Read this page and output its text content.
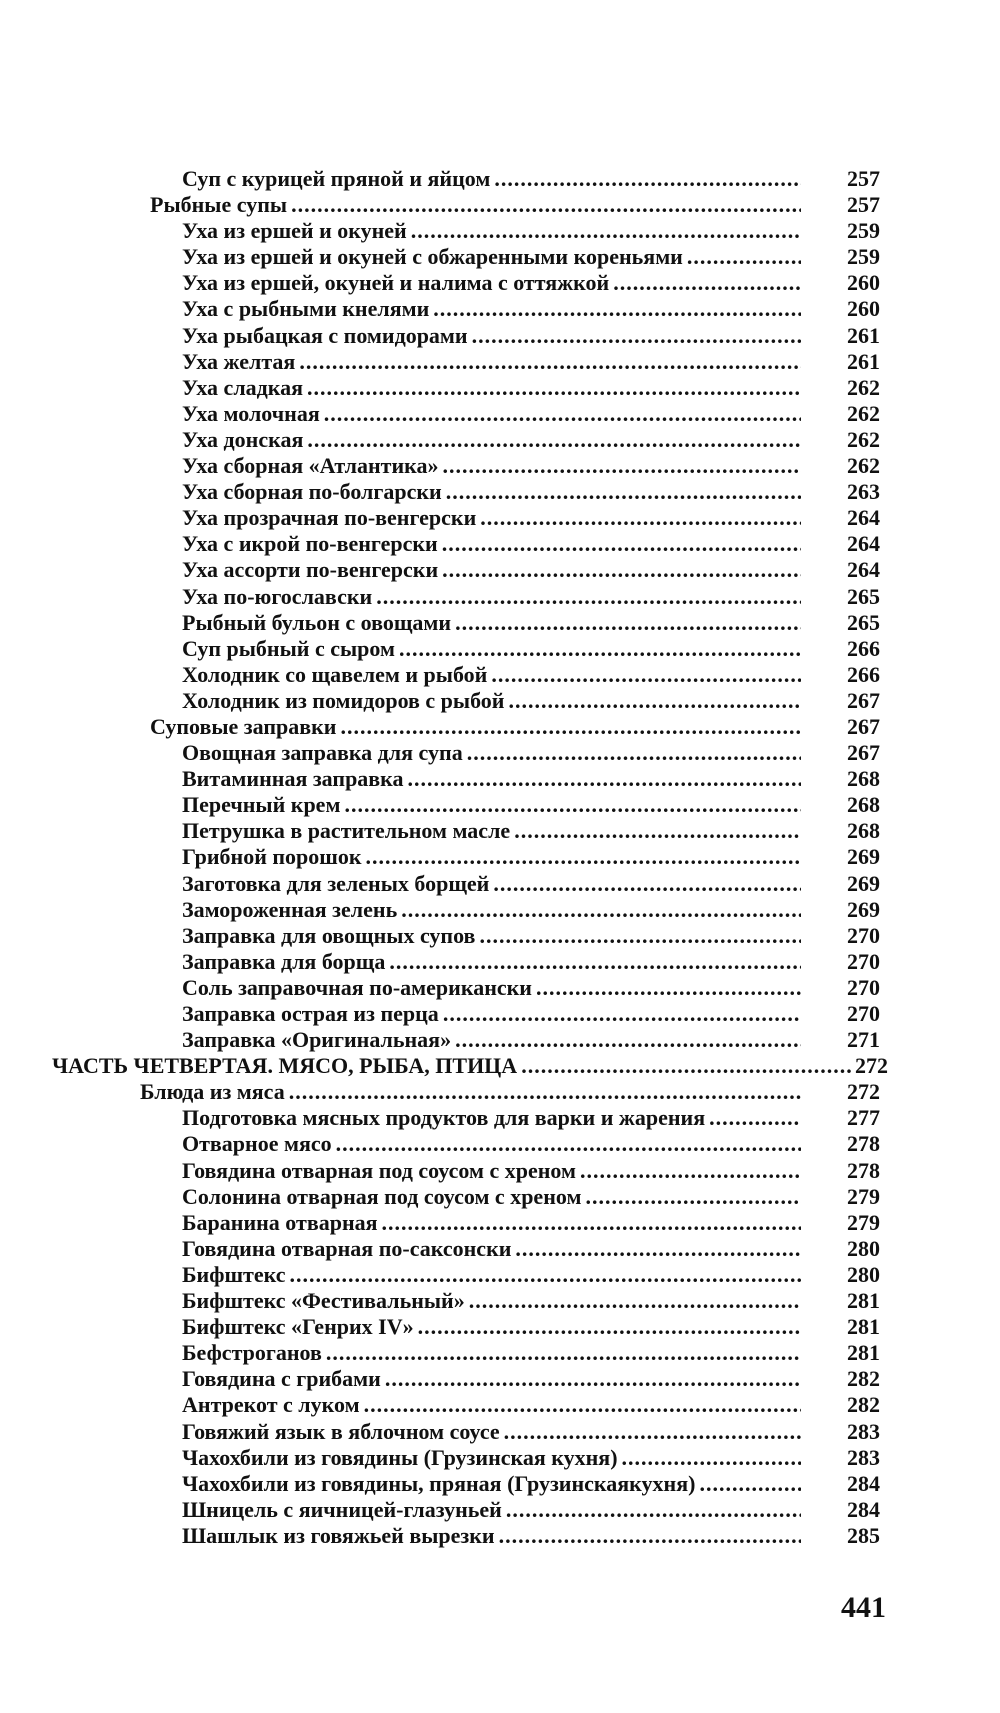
Суп с курицей пряной и яйцом .....	257
Рыбные супы .....	257
Уха из ершей и окуней .....	259
Уха из ершей и окуней с обжаренными кореньями .....	259
Уха из ершей, окуней и налима с оттяжкой .....	260
Уха с рыбными кнелями .....	260
Уха рыбацкая с помидорами .....	261
Уха желтая .....	261
Уха сладкая .....	262
Уха молочная .....	262
Уха донская .....	262
Уха сборная «Атлантика» .....	262
Уха сборная по-болгарски .....	263
Уха прозрачная по-венгерски .....	264
Уха с икрой по-венгерски .....	264
Уха ассорти по-венгерски .....	264
Уха по-югославски .....	265
Рыбный бульон с овощами .....	265
Суп рыбный с сыром .....	266
Холодник со щавелем и рыбой .....	266
Холодник из помидоров с рыбой .....	267
Суповые заправки .....	267
Овощная заправка для супа .....	267
Витаминная заправка .....	268
Перечный крем .....	268
Петрушка в растительном масле .....	268
Грибной порошок .....	269
Заготовка для зеленых борщей .....	269
Замороженная зелень .....	269
Заправка для овощных супов .....	270
Заправка для борща .....	270
Соль заправочная по-американски .....	270
Заправка острая из перца .....	270
Заправка «Оригинальная» .....	271
ЧАСТЬ ЧЕТВЕРТАЯ. МЯСО, РЫБА, ПТИЦА .....	272
Блюда из мяса .....	272
Подготовка мясных продуктов для варки и жарения .....	277
Отварное мясо .....	278
Говядина отварная под соусом с хреном .....	278
Солонина отварная под соусом с хреном .....	279
Баранина отварная .....	279
Говядина отварная по-саксонски .....	280
Бифштекс .....	280
Бифштекс «Фестивальный» .....	281
Бифштекс «Генрих IV» .....	281
Бефстроганов .....	281
Говядина с грибами .....	282
Антрекот с луком .....	282
Говяжий язык в яблочном соусе .....	283
Чахохбили из говядины (Грузинская кухня) .....	283
Чахохбили из говядины, пряная (Грузинскаякухня) .....	284
Шницель с яичницей-глазуньей .....	284
Шашлык из говяжьей вырезки .....	285
441
